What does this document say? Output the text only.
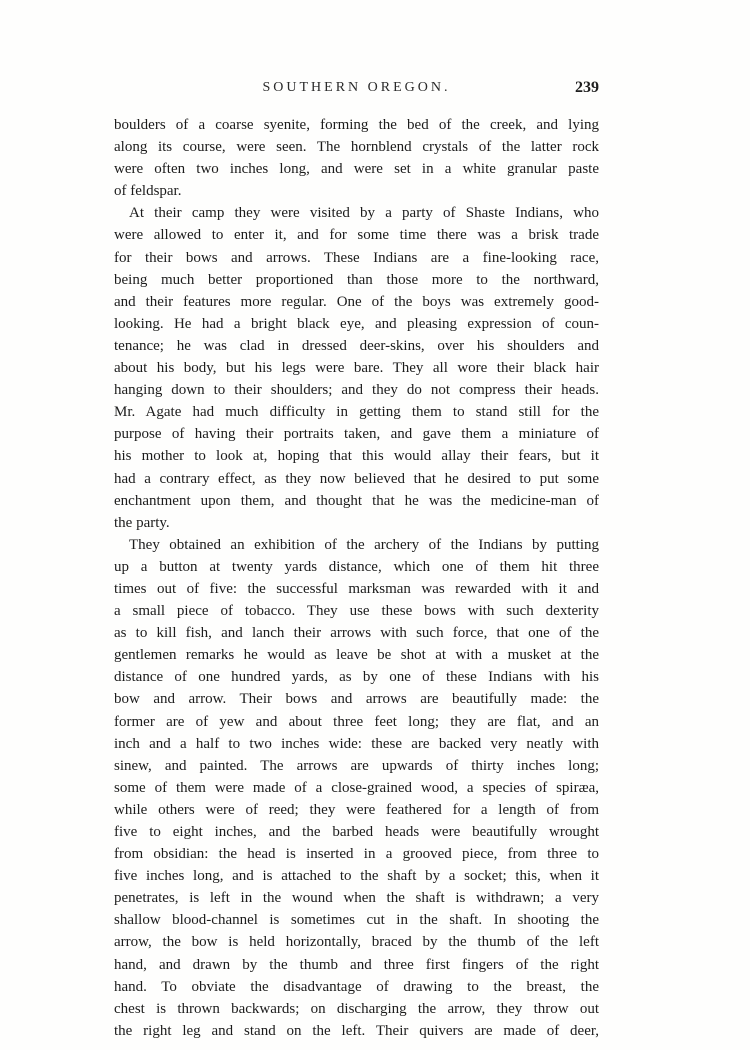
SOUTHERN OREGON.	239
boulders of a coarse syenite, forming the bed of the creek, and lying
along its course, were seen. The hornblend crystals of the latter rock
were often two inches long, and were set in a white granular paste
of feldspar.
At their camp they were visited by a party of Shaste Indians, who
were allowed to enter it, and for some time there was a brisk trade
for their bows and arrows. These Indians are a fine-looking race,
being much better proportioned than those more to the northward,
and their features more regular. One of the boys was extremely good-
looking. He had a bright black eye, and pleasing expression of coun-
tenance; he was clad in dressed deer-skins, over his shoulders and
about his body, but his legs were bare. They all wore their black hair
hanging down to their shoulders; and they do not compress their heads.
Mr. Agate had much difficulty in getting them to stand still for the
purpose of having their portraits taken, and gave them a miniature of
his mother to look at, hoping that this would allay their fears, but it
had a contrary effect, as they now believed that he desired to put some
enchantment upon them, and thought that he was the medicine-man of
the party.
They obtained an exhibition of the archery of the Indians by putting
up a button at twenty yards distance, which one of them hit three
times out of five: the successful marksman was rewarded with it and
a small piece of tobacco. They use these bows with such dexterity
as to kill fish, and lanch their arrows with such force, that one of the
gentlemen remarks he would as leave be shot at with a musket at the
distance of one hundred yards, as by one of these Indians with his
bow and arrow. Their bows and arrows are beautifully made: the
former are of yew and about three feet long; they are flat, and an
inch and a half to two inches wide: these are backed very neatly with
sinew, and painted. The arrows are upwards of thirty inches long;
some of them were made of a close-grained wood, a species of spiræa,
while others were of reed; they were feathered for a length of from
five to eight inches, and the barbed heads were beautifully wrought
from obsidian: the head is inserted in a grooved piece, from three to
five inches long, and is attached to the shaft by a socket; this, when it
penetrates, is left in the wound when the shaft is withdrawn; a very
shallow blood-channel is sometimes cut in the shaft. In shooting the
arrow, the bow is held horizontally, braced by the thumb of the left
hand, and drawn by the thumb and three first fingers of the right
hand. To obviate the disadvantage of drawing to the breast, the
chest is thrown backwards; on discharging the arrow, they throw out
the right leg and stand on the left. Their quivers are made of deer,
